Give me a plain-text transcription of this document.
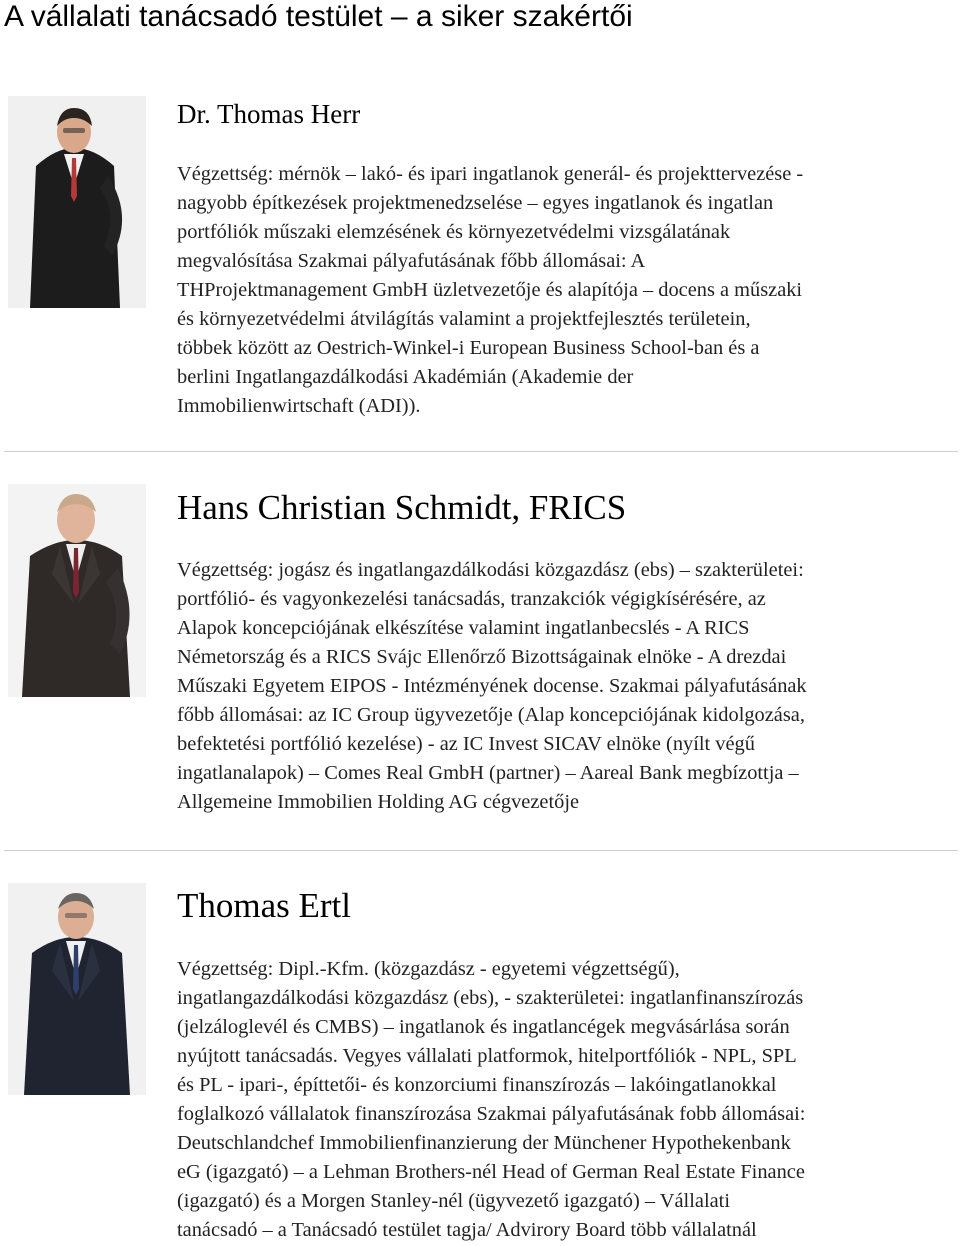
A vállalati tanácsadó testület – a siker szakértői
Dr. Thomas Herr

Végzettség: mérnök – lakó- és ipari ingatlanok generál- és projekttervezése -
nagyobb építkezések projektmenedzselése – egyes ingatlanok és ingatlan
portfóliók műszaki elemzésének és környezetvédelmi vizsgálatának
megvalósítása Szakmai pályafutásának főbb állomásai: A
THProjektmanagement GmbH üzletvezetője és alapítója – docens a műszaki
és környezetvédelmi átvilágítás valamint a projektfejlesztés területein,
többek között az Oestrich-Winkel-i European Business School-ban és a
berlini Ingatlangazdálkodási Akadémián (Akademie der
Immobilienwirtschaft (ADI)).

Hans Christian Schmidt, FRICS

Végzettség: jogász és ingatlangazdálkodási közgazdász (ebs) – szakterületei:
portfólió- és vagyonkezelési tanácsadás, tranzakciók végigkísérésére, az
Alapok koncepciójának elkészítése valamint ingatlanbecslés - A RICS
Németország és a RICS Svájc Ellenőrző Bizottságainak elnöke - A drezdai
Műszaki Egyetem EIPOS - Intézményének docense. Szakmai pályafutásának
főbb állomásai: az IC Group ügyvezetője (Alap koncepciójának kidolgozása,
befektetési portfólió kezelése) - az IC Invest SICAV elnöke (nyílt végű
ingatlanalapok) – Comes Real GmbH (partner) – Aareal Bank megbízottja –
Allgemeine Immobilien Holding AG cégvezetője

Thomas Ertl

Végzettség: Dipl.-Kfm. (közgazdász - egyetemi végzettségű),
ingatlangazdálkodási közgazdász (ebs), - szakterületei: ingatlanfinanszírozás
(jelzáloglevél és CMBS) – ingatlanok és ingatlancégek megvásárlása során
nyújtott tanácsadás. Vegyes vállalati platformok, hitelportfóliók - NPL, SPL
és PL - ipari-, építtetői- és konzorciumi finanszírozás – lakóingatlanokkal
foglalkozó vállalatok finanszírozása Szakmai pályafutásának fobb állomásai:
Deutschlandchef Immobilienfinanzierung der Münchener Hypothekenbank
eG (igazgató) – a Lehman Brothers-nél Head of German Real Estate Finance
(igazgató) és a Morgen Stanley-nél (ügyvezető igazgató) – Vállalati
tanácsadó – a Tanácsadó testület tagja/ Advirory Board több vállalatnál
